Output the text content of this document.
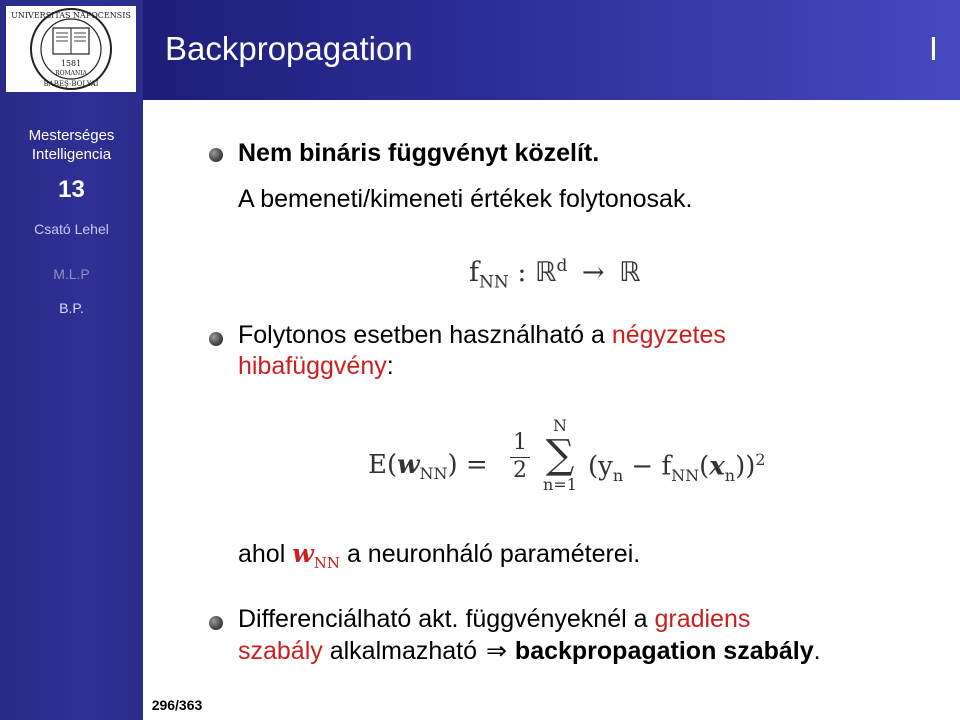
UNIVERSITAS NAPOCENSIS
1581
ROMANIA
BABEŞ-BOLYAI
Mesterséges
Intelligencia
13
Csató Lehel
M.L.P
B.P.
296/363
Backpropagation	I
Nem bináris függvényt közelít.
A bemeneti/kimeneti értékek folytonosak.
$f_{NN}$ : ℝ$^d$ → ℝ
Folytonos esetben használható a négyzetes hibafüggvény:
$E(w_{NN})$ =
1
2
N
∑
n=1
$(y_n - f_{NN}(x_n))^2$
ahol $w_{NN}$ a neuronháló paraméterei.
Differenciálható akt. függvényeknél a gradiens
szabály alkalmazható ⇒ backpropagation szabály.
